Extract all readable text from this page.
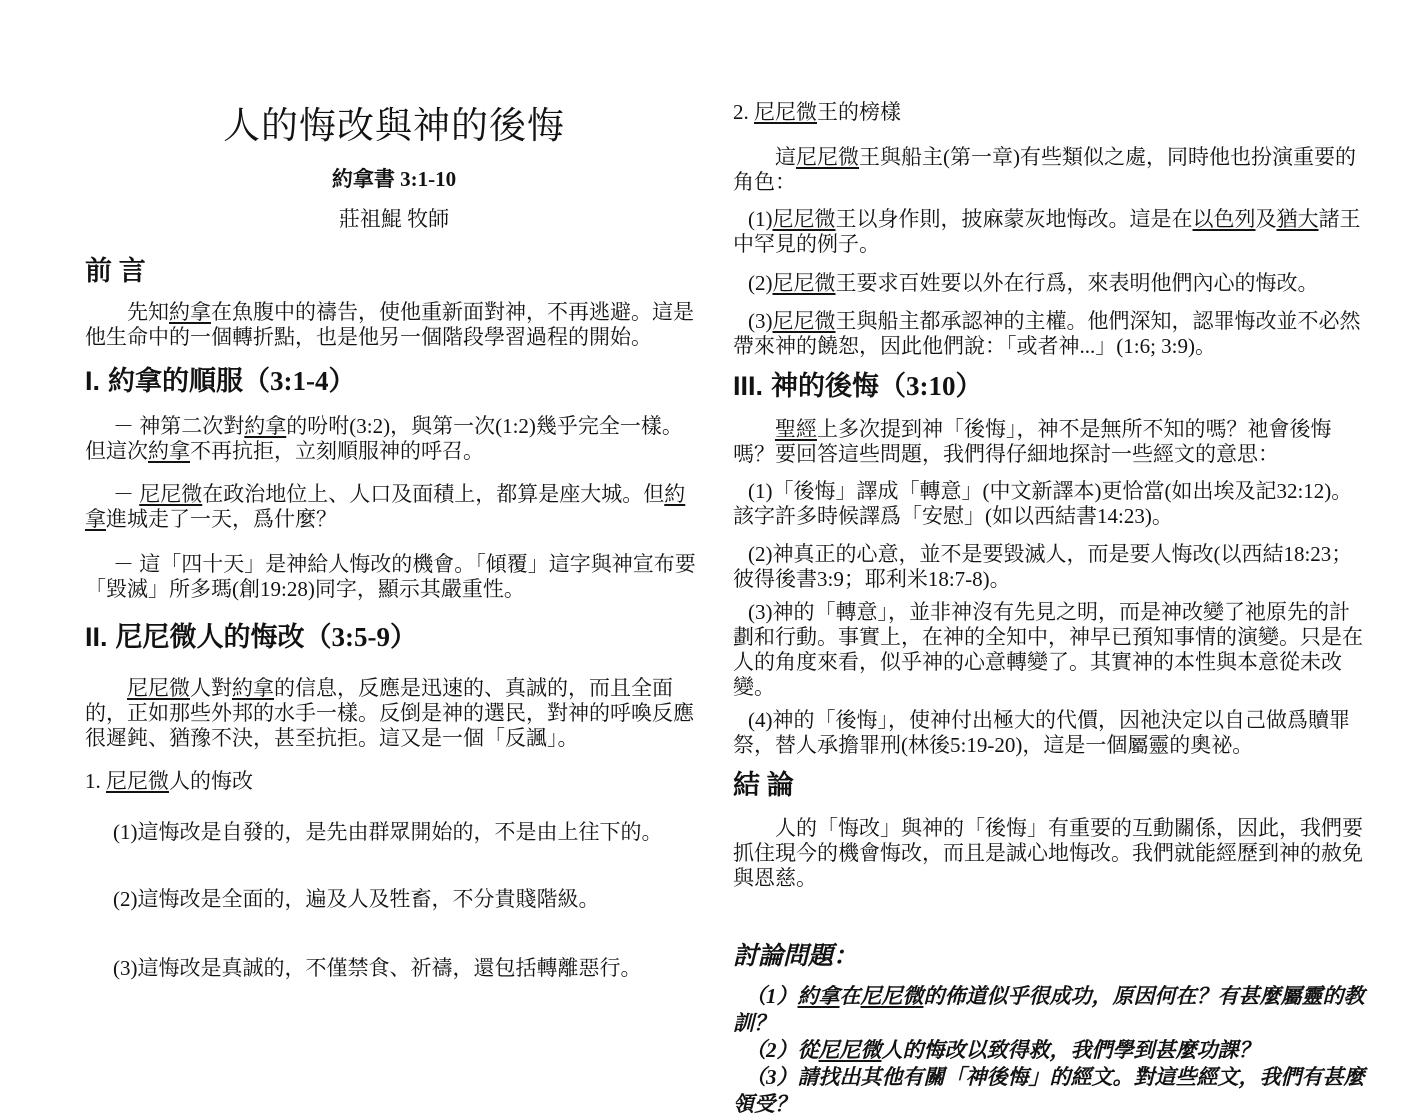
人的悔改與神的後悔
約拿書 3:1-10
莊祖鯤 牧師
前 言

先知約拿在魚腹中的禱告，使他重新面對神，不再逃避。這是他生命中的一個轉折點，也是他另一個階段學習過程的開始。

I. 約拿的順服（3:1-4）

－ 神第二次對約拿的吩咐(3:2)，與第一次(1:2)幾乎完全一樣。但這次約拿不再抗拒，立刻順服神的呼召。

－ 尼尼微在政治地位上、人口及面積上，都算是座大城。但約拿進城走了一天，爲什麼？

－ 這「四十天」是神給人悔改的機會。「傾覆」這字與神宣布要「毀滅」所多瑪(創19:28)同字，顯示其嚴重性。

II. 尼尼微人的悔改（3:5-9）

尼尼微人對約拿的信息，反應是迅速的、真誠的，而且全面的，正如那些外邦的水手一樣。反倒是神的選民，對神的呼喚反應很遲鈍、猶豫不決，甚至抗拒。這又是一個「反諷」。

1. 尼尼微人的悔改

(1)這悔改是自發的，是先由群眾開始的，不是由上往下的。

(2)這悔改是全面的，遍及人及牲畜，不分貴賤階級。

(3)這悔改是真誠的，不僅禁食、祈禱，還包括轉離惡行。

2. 尼尼微王的榜樣

這尼尼微王與船主(第一章)有些類似之處，同時他也扮演重要的角色：

(1)尼尼微王以身作則，披麻蒙灰地悔改。這是在以色列及猶大諸王中罕見的例子。

(2)尼尼微王要求百姓要以外在行爲，來表明他們內心的悔改。

(3)尼尼微王與船主都承認神的主權。他們深知，認罪悔改並不必然帶來神的饒恕，因此他們說：「或者神...」(1:6; 3:9)。

III. 神的後悔（3:10）

聖經上多次提到神「後悔」，神不是無所不知的嗎？祂會後悔嗎？要回答這些問題，我們得仔細地探討一些經文的意思：

(1)「後悔」譯成「轉意」(中文新譯本)更恰當(如出埃及記32:12)。該字許多時候譯爲「安慰」(如以西結書14:23)。

(2)神真正的心意，並不是要毀滅人，而是要人悔改(以西結18:23；彼得後書3:9；耶利米18:7-8)。

(3)神的「轉意」，並非神沒有先見之明，而是神改變了祂原先的計劃和行動。事實上，在神的全知中，神早已預知事情的演變。只是在人的角度來看，似乎神的心意轉變了。其實神的本性與本意從未改變。

(4)神的「後悔」，使神付出極大的代價，因祂決定以自己做爲贖罪祭，替人承擔罪刑(林後5:19-20)，這是一個屬靈的奧祕。

結 論

人的「悔改」與神的「後悔」有重要的互動關係，因此，我們要抓住現今的機會悔改，而且是誠心地悔改。我們就能經歷到神的赦免與恩慈。

討論問題：

（1）約拿在尼尼微的佈道似乎很成功，原因何在？有甚麼屬靈的教訓？

（2）從尼尼微人的悔改以致得救，我們學到甚麼功課？

（3）請找出其他有關「神後悔」的經文。對這些經文，我們有甚麼領受？
